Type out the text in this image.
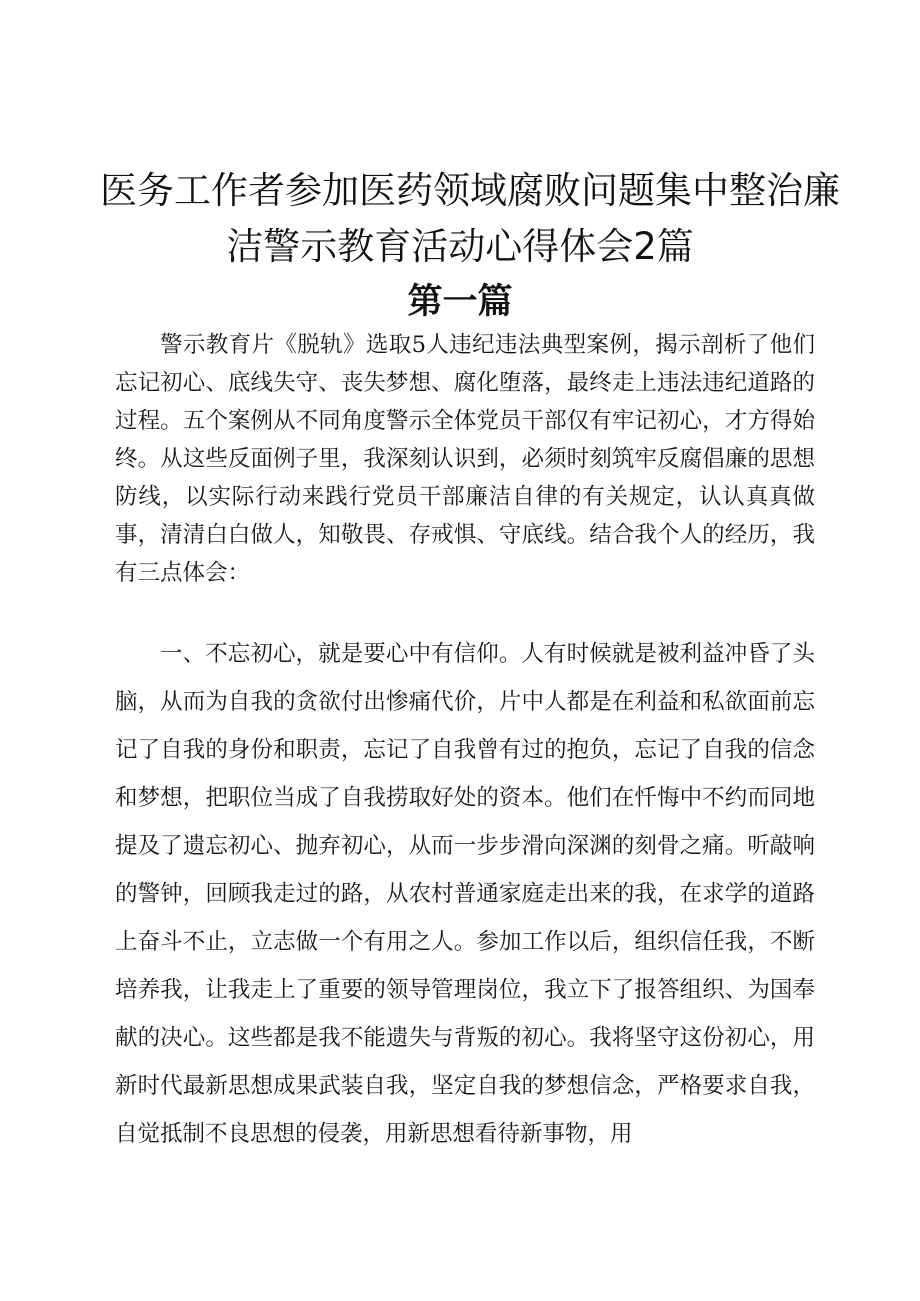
医务工作者参加医药领域腐败问题集中整治廉
洁警示教育活动心得体会2篇
第一篇

警示教育片《脱轨》选取5人违纪违法典型案例，揭示剖析了他们忘记初心、底线失守、丧失梦想、腐化堕落，最终走上违法违纪道路的过程。五个案例从不同角度警示全体党员干部仅有牢记初心，才方得始终。从这些反面例子里，我深刻认识到，必须时刻筑牢反腐倡廉的思想防线，以实际行动来践行党员干部廉洁自律的有关规定，认认真真做事，清清白白做人，知敬畏、存戒惧、守底线。结合我个人的经历，我有三点体会：

一、不忘初心，就是要心中有信仰。人有时候就是被利益冲昏了头脑，从而为自我的贪欲付出惨痛代价，片中人都是在利益和私欲面前忘记了自我的身份和职责，忘记了自我曾有过的抱负，忘记了自我的信念和梦想，把职位当成了自我捞取好处的资本。他们在忏悔中不约而同地提及了遗忘初心、抛弃初心，从而一步步滑向深渊的刻骨之痛。听敲响的警钟，回顾我走过的路，从农村普通家庭走出来的我，在求学的道路上奋斗不止，立志做一个有用之人。参加工作以后，组织信任我，不断培养我，让我走上了重要的领导管理岗位，我立下了报答组织、为国奉献的决心。这些都是我不能遗失与背叛的初心。我将坚守这份初心，用新时代最新思想成果武装自我，坚定自我的梦想信念，严格要求自我，自觉抵制不良思想的侵袭，用新思想看待新事物，用
